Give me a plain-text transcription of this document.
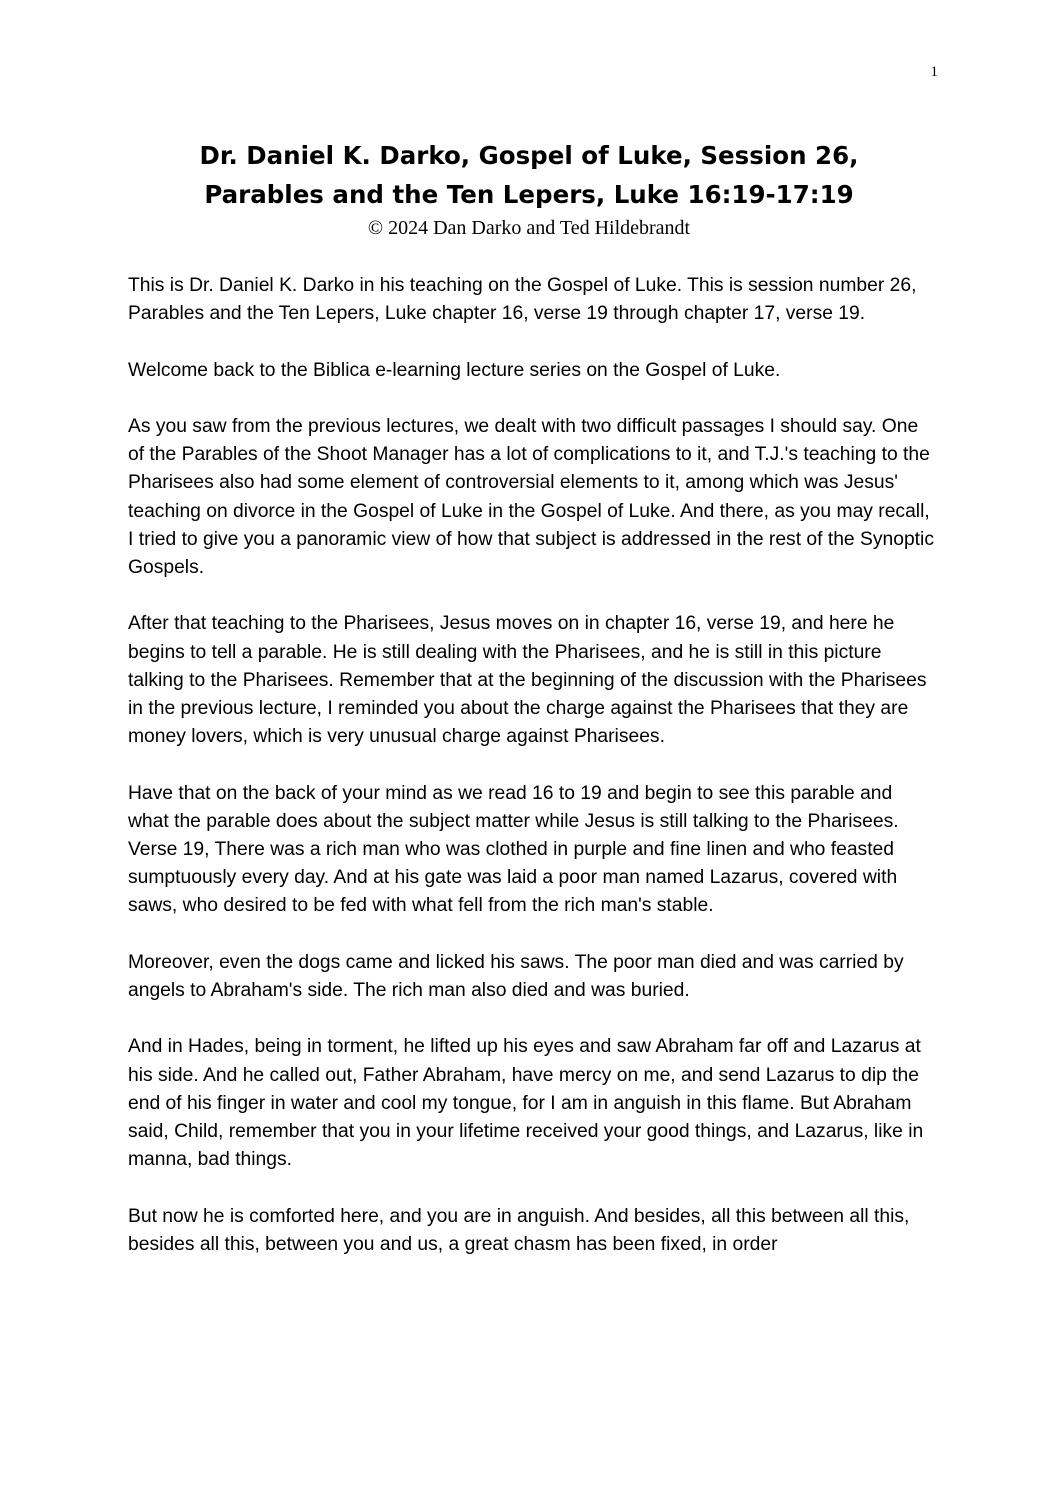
1
Dr. Daniel K. Darko, Gospel of Luke, Session 26,
Parables and the Ten Lepers, Luke 16:19-17:19
© 2024 Dan Darko and Ted Hildebrandt

This is Dr. Daniel K. Darko in his teaching on the Gospel of Luke. This is session number 26, Parables and the Ten Lepers, Luke chapter 16, verse 19 through chapter 17, verse 19.

Welcome back to the Biblica e-learning lecture series on the Gospel of Luke.

As you saw from the previous lectures, we dealt with two difficult passages I should say. One of the Parables of the Shoot Manager has a lot of complications to it, and T.J.'s teaching to the Pharisees also had some element of controversial elements to it, among which was Jesus' teaching on divorce in the Gospel of Luke in the Gospel of Luke. And there, as you may recall, I tried to give you a panoramic view of how that subject is addressed in the rest of the Synoptic Gospels.

After that teaching to the Pharisees, Jesus moves on in chapter 16, verse 19, and here he begins to tell a parable. He is still dealing with the Pharisees, and he is still in this picture talking to the Pharisees. Remember that at the beginning of the discussion with the Pharisees in the previous lecture, I reminded you about the charge against the Pharisees that they are money lovers, which is very unusual charge against Pharisees.

Have that on the back of your mind as we read 16 to 19 and begin to see this parable and what the parable does about the subject matter while Jesus is still talking to the Pharisees. Verse 19, There was a rich man who was clothed in purple and fine linen and who feasted sumptuously every day. And at his gate was laid a poor man named Lazarus, covered with saws, who desired to be fed with what fell from the rich man's stable.

Moreover, even the dogs came and licked his saws. The poor man died and was carried by angels to Abraham's side. The rich man also died and was buried.

And in Hades, being in torment, he lifted up his eyes and saw Abraham far off and Lazarus at his side. And he called out, Father Abraham, have mercy on me, and send Lazarus to dip the end of his finger in water and cool my tongue, for I am in anguish in this flame. But Abraham said, Child, remember that you in your lifetime received your good things, and Lazarus, like in manna, bad things.

But now he is comforted here, and you are in anguish. And besides, all this between all this, besides all this, between you and us, a great chasm has been fixed, in order
